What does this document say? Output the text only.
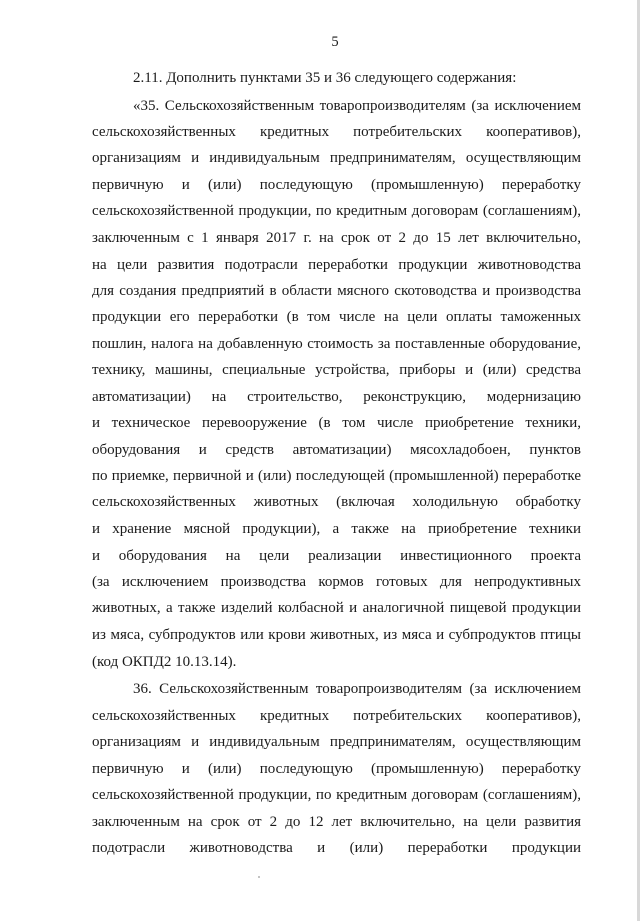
5
2.11. Дополнить пунктами 35 и 36 следующего содержания:
«35. Сельскохозяйственным товаропроизводителям (за исключением
сельскохозяйственных кредитных потребительских кооперативов),
организациям и индивидуальным предпринимателям, осуществляющим
первичную и (или) последующую (промышленную) переработку
сельскохозяйственной продукции, по кредитным договорам (соглашениям),
заключенным с 1 января 2017 г. на срок от 2 до 15 лет включительно,
на цели развития подотрасли переработки продукции животноводства
для создания предприятий в области мясного скотоводства и производства
продукции его переработки (в том числе на цели оплаты таможенных
пошлин, налога на добавленную стоимость за поставленные оборудование,
технику, машины, специальные устройства, приборы и (или) средства
автоматизации) на строительство, реконструкцию, модернизацию
и техническое перевооружение (в том числе приобретение техники,
оборудования и средств автоматизации) мясохладобоен, пунктов
по приемке, первичной и (или) последующей (промышленной) переработке
сельскохозяйственных животных (включая холодильную обработку
и хранение мясной продукции), а также на приобретение техники
и оборудования на цели реализации инвестиционного проекта
(за исключением производства кормов готовых для непродуктивных
животных, а также изделий колбасной и аналогичной пищевой продукции
из мяса, субпродуктов или крови животных, из мяса и субпродуктов птицы
(код ОКПД2 10.13.14).
36. Сельскохозяйственным товаропроизводителям (за исключением
сельскохозяйственных кредитных потребительских кооперативов),
организациям и индивидуальным предпринимателям, осуществляющим
первичную и (или) последующую (промышленную) переработку
сельскохозяйственной продукции, по кредитным договорам (соглашениям),
заключенным на срок от 2 до 12 лет включительно, на цели развития
подотрасли животноводства и (или) переработки продукции
